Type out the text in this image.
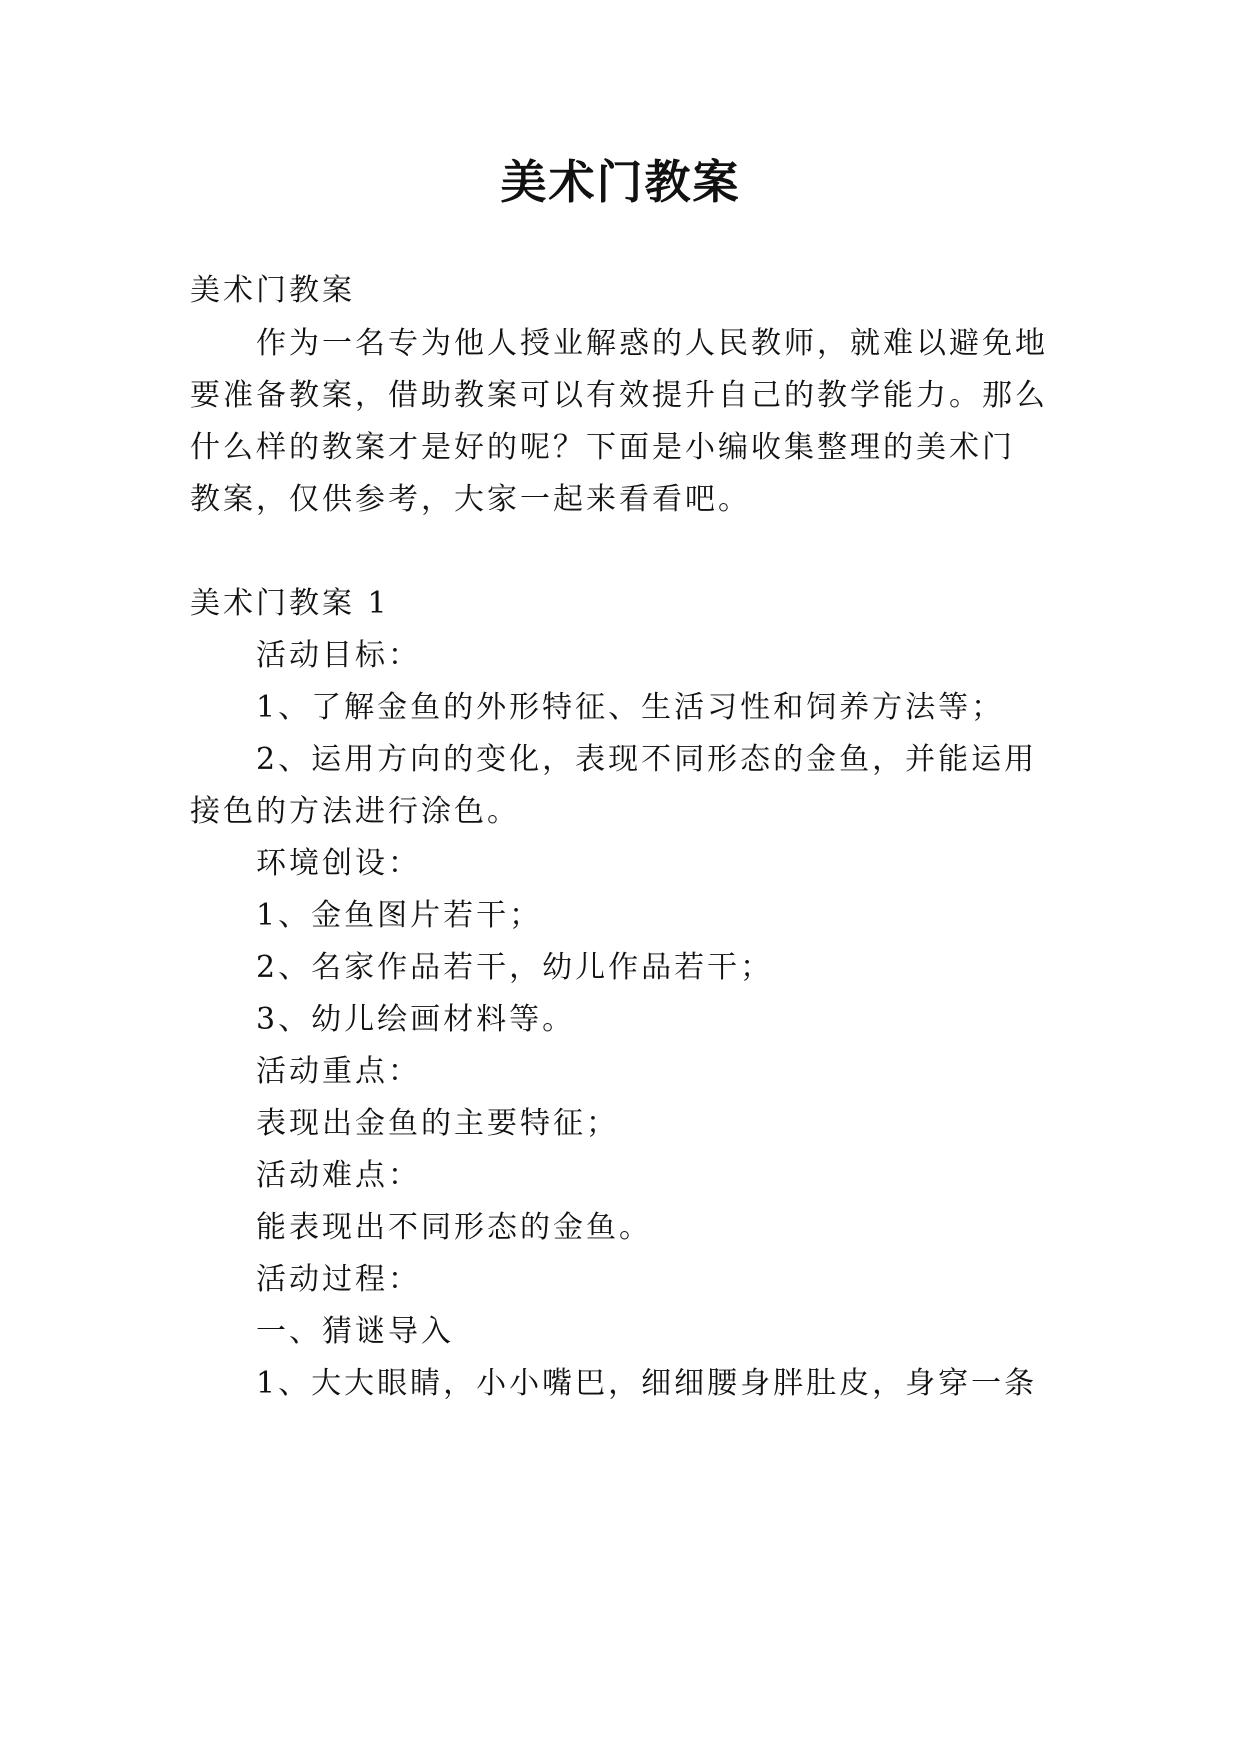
美术门教案
美术门教案
作为一名专为他人授业解惑的人民教师，就难以避免地
要准备教案，借助教案可以有效提升自己的教学能力。那么
什么样的教案才是好的呢？下面是小编收集整理的美术门
教案，仅供参考，大家一起来看看吧。
美术门教案 1
活动目标：
1、了解金鱼的外形特征、生活习性和饲养方法等；
2、运用方向的变化，表现不同形态的金鱼，并能运用
接色的方法进行涂色。
环境创设：
1、金鱼图片若干；
2、名家作品若干，幼儿作品若干；
3、幼儿绘画材料等。
活动重点：
表现出金鱼的主要特征；
活动难点：
能表现出不同形态的金鱼。
活动过程：
一、猜谜导入
1、大大眼睛，小小嘴巴，细细腰身胖肚皮，身穿一条
